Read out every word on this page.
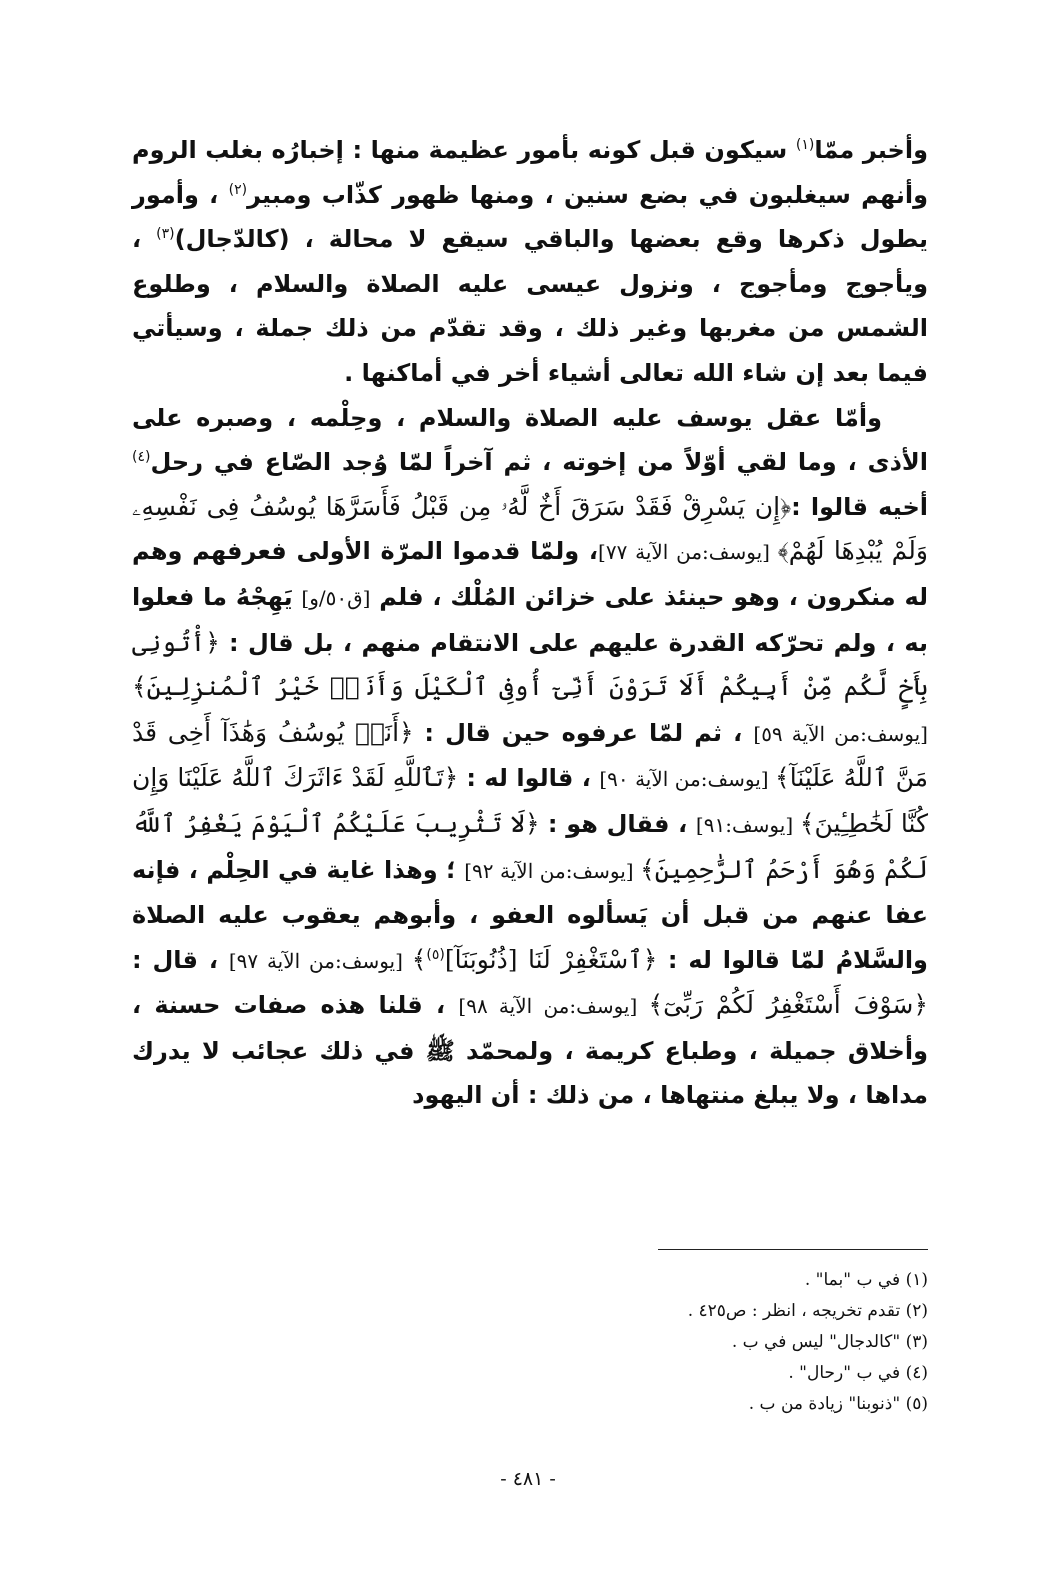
وأخبر ممّا$^{(١)}$ سيكون قبل كونه بأمور عظيمة منها : إخبارُه بغلب الروم وأنهم سيغلبون في بضع سنين ، ومنها ظهور كذّاب ومبير$^{(٢)}$ ، وأمور يطول ذكرها وقع بعضها والباقي سيقع لا محالة ، (كالدّجال)$^{(٣)}$ ، ويأجوج ومأجوج ، ونزول عيسى عليه الصلاة والسلام ، وطلوع الشمس من مغربها وغير ذلك ، وقد تقدّم من ذلك جملة ، وسيأتي فيما بعد إن شاء الله تعالى أشياء أخر في أماكنها .

وأمّا عقل يوسف عليه الصلاة والسلام ، وحِلْمه ، وصبره على الأذى ، وما لقي أوّلاً من إخوته ، ثم آخراً لمّا وُجد الصّاع في رحل$^{(٤)}$ أخيه قالوا :﴿إِن يَسْرِقْ فَقَدْ سَرَقَ أَخٌ لَّهُۥ مِن قَبْلُ فَأَسَرَّهَا يُوسُفُ فِى نَفْسِهِۦ وَلَمْ يُبْدِهَا لَهُمْ﴾ [يوسف:من الآية ٧٧]، ولمّا قدموا المرّة الأولى فعرفهم وهم له منكرون ، وهو حينئذ على خزائن المُلْك ، فلم [ق٥٠/و] يَهِجْهُ ما فعلوا به ، ولم تحرّكه القدرة عليهم على الانتقام منهم ، بل قال : ﴿أْتُونِى بِأَخٍ لَّكُم مِّنْ أَبِيكُمْ أَلَا تَرَوْنَ أَنِّىٓ أُوفِى ٱلْكَيْلَ وَأَنَا۠ خَيْرُ ٱلْمُنزِلِينَ﴾ [يوسف:من الآية ٥٩] ، ثم لمّا عرفوه حين قال : ﴿أَنَا۠ يُوسُفُ وَهَٰذَآ أَخِى قَدْ مَنَّ ٱللَّهُ عَلَيْنَآ﴾ [يوسف:من الآية ٩٠] ، قالوا له : ﴿تَٱللَّهِ لَقَدْ ءَاثَرَكَ ٱللَّهُ عَلَيْنَا وَإِن كُنَّا لَخَٰطِـِٔينَ﴾ [يوسف:٩١] ، فقال هو : ﴿لَا تَثْرِيبَ عَلَيْكُمُ ٱلْيَوْمَ يَغْفِرُ ٱللَّهُ لَكُمْ وَهُوَ أَرْحَمُ ٱلرَّٰحِمِينَ﴾ [يوسف:من الآية ٩٢] ؛ وهذا غاية في الحِلْم ، فإنه عفا عنهم من قبل أن يَسألوه العفو ، وأبوهم يعقوب عليه الصلاة والسَّلامُ لمّا قالوا له : ﴿ٱسْتَغْفِرْ لَنَا [ذُنُوبَنَآ]$^{(٥)}$﴾ [يوسف:من الآية ٩٧] ، قال : ﴿سَوْفَ أَسْتَغْفِرُ لَكُمْ رَبِّىٓ﴾ [يوسف:من الآية ٩٨] ، قلنا هذه صفات حسنة ، وأخلاق جميلة ، وطباع كريمة ، ولمحمّد ﷺ في ذلك عجائب لا يدرك مداها ، ولا يبلغ منتهاها ، من ذلك : أن اليهود

(١) في ب "بما" .
(٢) تقدم تخريجه ، انظر : ص٤٢٥ .
(٣) "كالدجال" ليس في ب .
(٤) في ب "رحال" .
(٥) "ذنوبنا" زيادة من ب .
- ٤٨١ -
